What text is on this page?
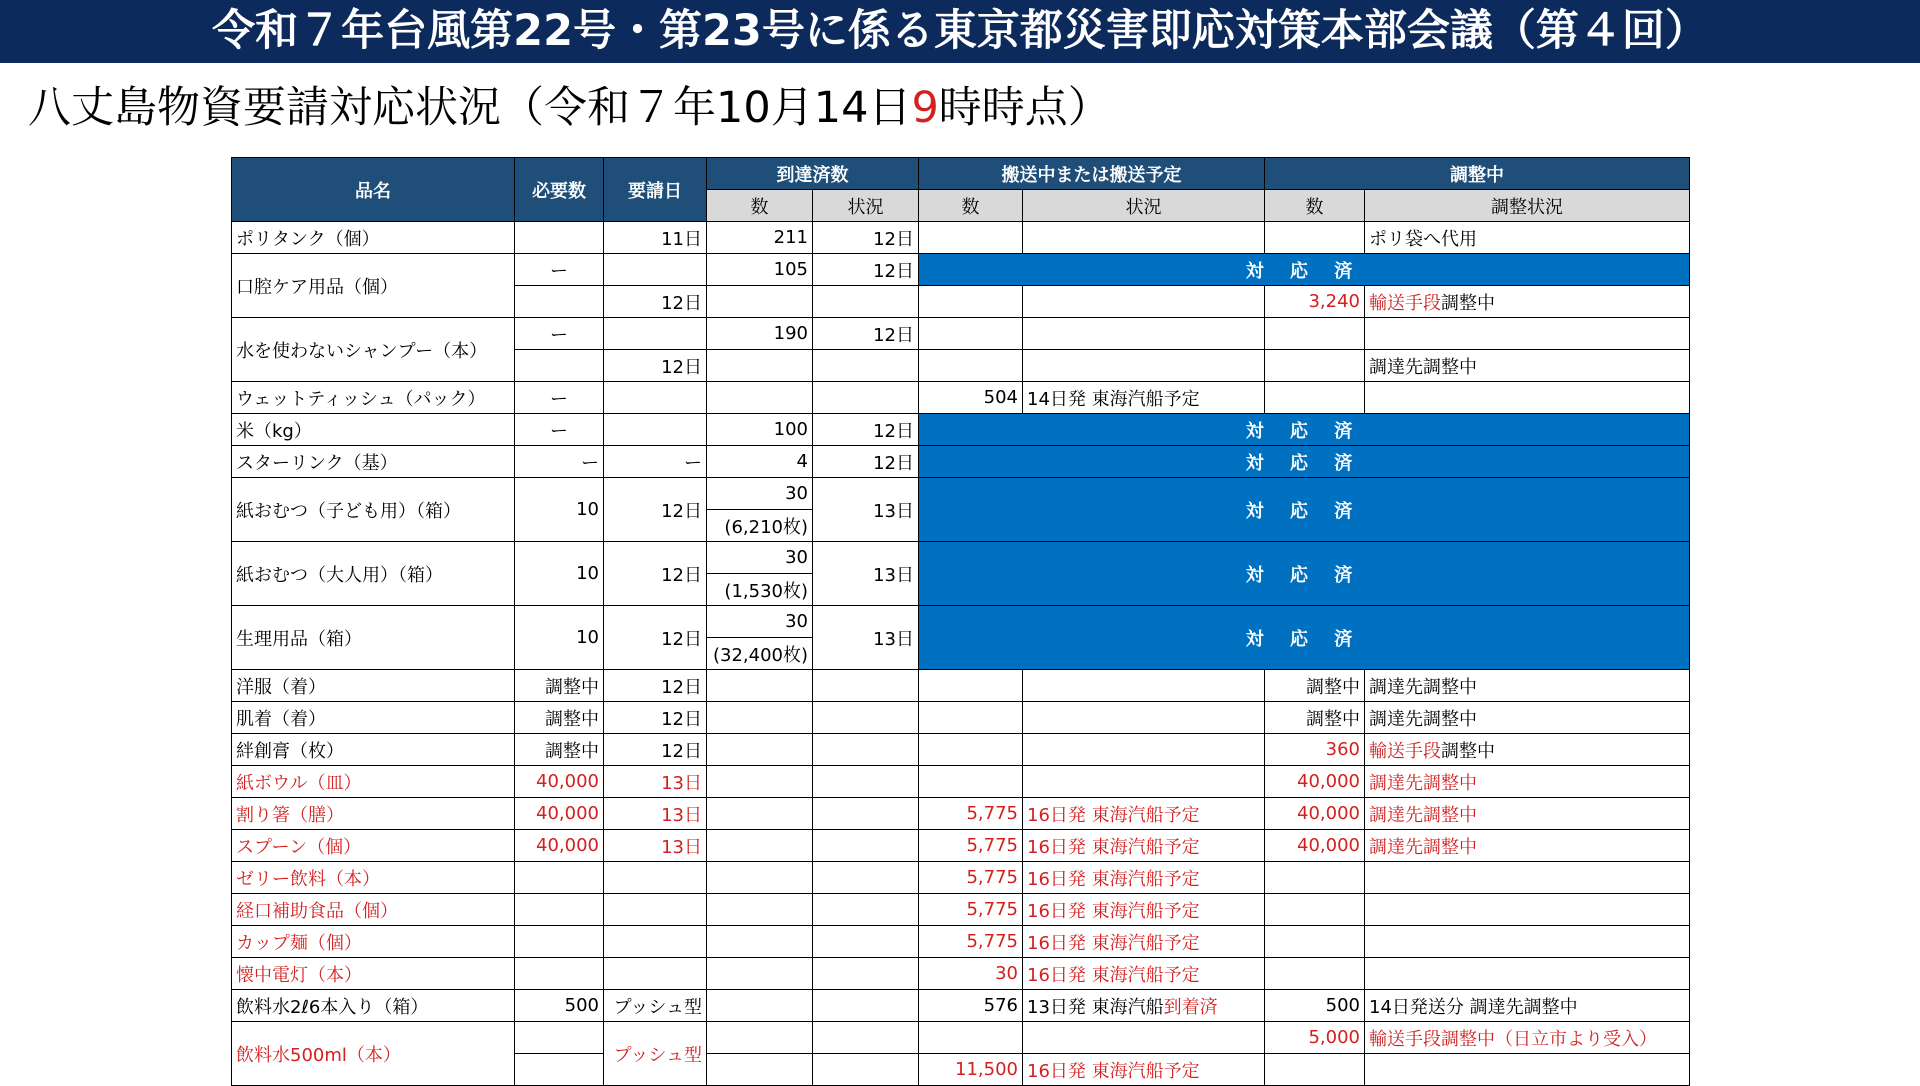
令和７年台風第22号・第23号に係る東京都災害即応対策本部会議（第４回）
八丈島物資要請対応状況（令和７年10月14日9時時点）
品名	必要数	要請日	到達済数		搬送中または搬送予定		調整中	
			数	状況	数	状況	数	調整状況
ポリタンク（個）		11日	211	12日				ポリ袋へ代用
口腔ケア用品（個）	ー		105	12日	対 応 済			
		12日					3,240	輸送手段調整中
水を使わないシャンプー（本）	ー		190	12日				
		12日						調達先調整中
ウェットティッシュ（パック）	ー				504	14日発 東海汽船予定		
米（kg）	ー		100	12日	対 応 済			
スターリンク（基）	ー	ー	4	12日	対 応 済			
紙おむつ（子ども用）（箱）	10	12日	30	13日	対 応 済			
			(6,210枚)					
紙おむつ（大人用）（箱）	10	12日	30	13日	対 応 済			
			(1,530枚)					
生理用品（箱）	10	12日	30	13日	対 応 済			
			(32,400枚)					
洋服（着）	調整中	12日					調整中	調達先調整中
肌着（着）	調整中	12日					調整中	調達先調整中
絆創膏（枚）	調整中	12日					360	輸送手段調整中
紙ボウル（皿）	40,000	13日					40,000	調達先調整中
割り箸（膳）	40,000	13日			5,775	16日発 東海汽船予定	40,000	調達先調整中
スプーン（個）	40,000	13日			5,775	16日発 東海汽船予定	40,000	調達先調整中
ゼリー飲料（本）					5,775	16日発 東海汽船予定		
経口補助食品（個）					5,775	16日発 東海汽船予定		
カップ麺（個）					5,775	16日発 東海汽船予定		
懐中電灯（本）					30	16日発 東海汽船予定		
飲料水2ℓ6本入り（箱）	500	プッシュ型			576	13日発 東海汽船到着済	500	14日発送分 調達先調整中
飲料水500ml（本）		プッシュ型					5,000	輸送手段調整中（日立市より受入）
					11,500	16日発 東海汽船予定		
